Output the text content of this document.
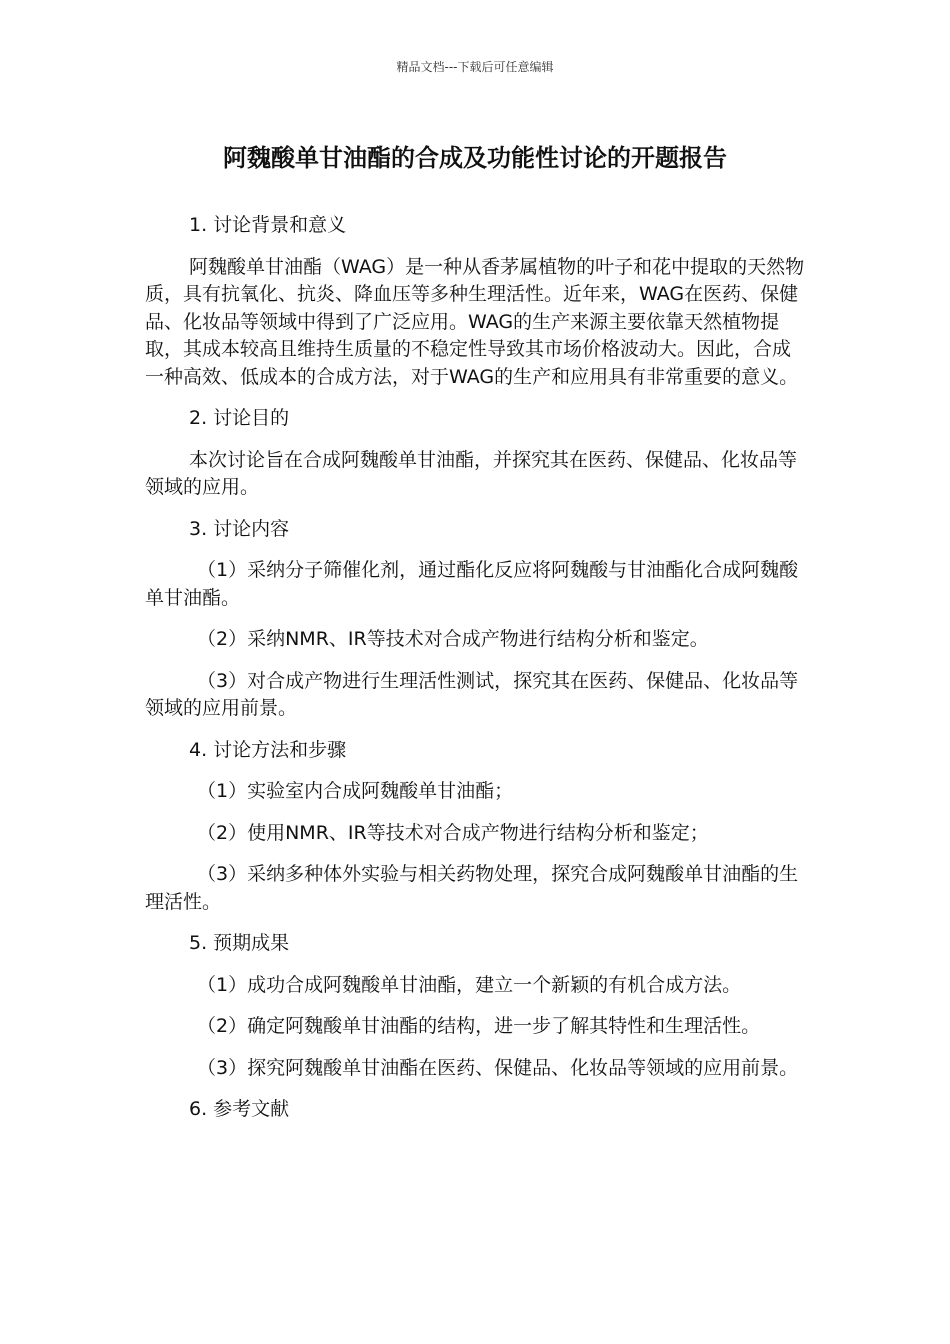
精品文档---下载后可任意编辑
阿魏酸单甘油酯的合成及功能性讨论的开题报告

1. 讨论背景和意义

阿魏酸单甘油酯（WAG）是一种从香茅属植物的叶子和花中提取的天然物质，具有抗氧化、抗炎、降血压等多种生理活性。近年来，WAG在医药、保健品、化妆品等领域中得到了广泛应用。WAG的生产来源主要依靠天然植物提取，其成本较高且维持生质量的不稳定性导致其市场价格波动大。因此，合成一种高效、低成本的合成方法，对于WAG的生产和应用具有非常重要的意义。

2. 讨论目的

本次讨论旨在合成阿魏酸单甘油酯，并探究其在医药、保健品、化妆品等领域的应用。

3. 讨论内容

（1）采纳分子筛催化剂，通过酯化反应将阿魏酸与甘油酯化合成阿魏酸单甘油酯。

（2）采纳NMR、IR等技术对合成产物进行结构分析和鉴定。

（3）对合成产物进行生理活性测试，探究其在医药、保健品、化妆品等领域的应用前景。

4. 讨论方法和步骤

（1）实验室内合成阿魏酸单甘油酯；

（2）使用NMR、IR等技术对合成产物进行结构分析和鉴定；

（3）采纳多种体外实验与相关药物处理，探究合成阿魏酸单甘油酯的生理活性。

5. 预期成果

（1）成功合成阿魏酸单甘油酯，建立一个新颖的有机合成方法。

（2）确定阿魏酸单甘油酯的结构，进一步了解其特性和生理活性。

（3）探究阿魏酸单甘油酯在医药、保健品、化妆品等领域的应用前景。

6. 参考文献
